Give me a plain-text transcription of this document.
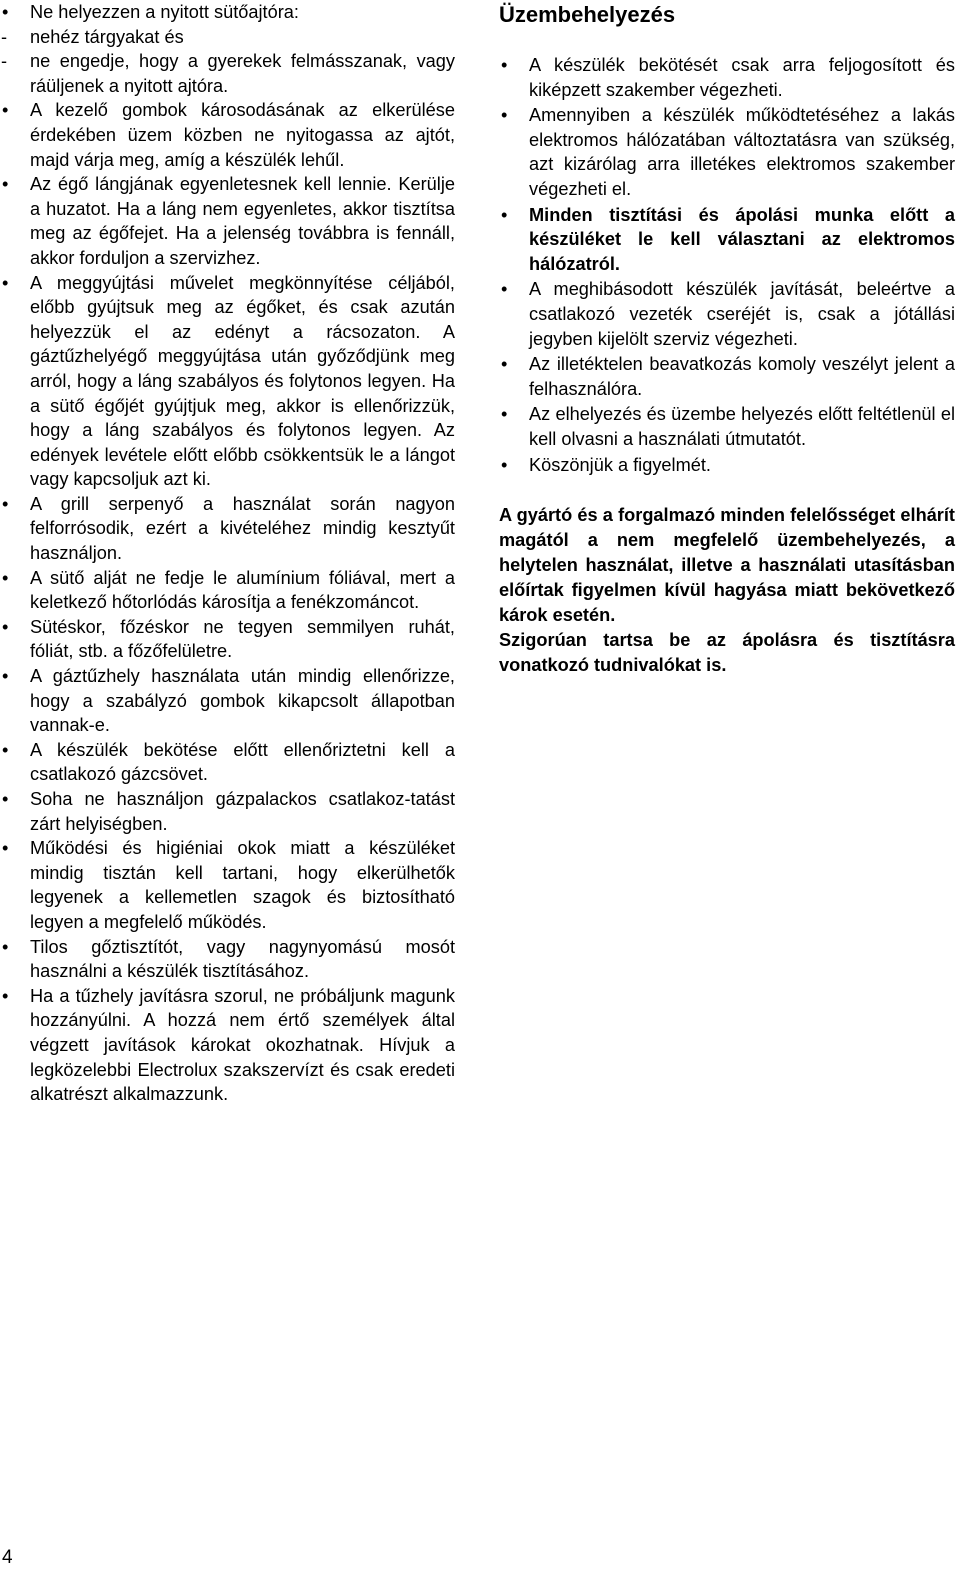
• Ne helyezzen a nyitott sütőajtóra:
- nehéz tárgyakat és
- ne engedje, hogy a gyerekek felmásszanak, vagy ráüljenek a nyitott ajtóra.
• A kezelő gombok károsodásának az elkerülése érdekében üzem közben ne nyitogassa az ajtót, majd várja meg, amíg a készülék lehűl.
• Az égő lángjának egyenletesnek kell lennie. Kerülje a huzatot. Ha a láng nem egyenletes, akkor tisztítsa meg az égőfejet. Ha a jelenség továbbra is fennáll, akkor forduljon a szervizhez.
• A meggyújtási művelet megkönnyítése céljából, előbb gyújtsuk meg az égőket, és csak azután helyezzük el az edényt a rácsozaton. A gáztűzhelyégő meggyújtása után győződjünk meg arról, hogy a láng szabályos és folytonos legyen. Ha a sütő égőjét gyújtjuk meg, akkor is ellenőrizzük, hogy a láng szabályos és folytonos legyen. Az edények levétele előtt előbb csökkentsük le a lángot vagy kapcsoljuk azt ki.
• A grill serpenyő a használat során nagyon felforrósodik, ezért a kivételéhez mindig kesztyűt használjon.
• A sütő alját ne fedje le alumínium fóliával, mert a keletkező hőtorlódás károsítja a fenékzománcot.
• Sütéskor, főzéskor ne tegyen semmilyen ruhát, fóliát, stb. a főzőfelületre.
• A gáztűzhely használata után mindig ellenőrizze, hogy a szabályzó gombok kikapcsolt állapotban vannak-e.
• A készülék bekötése előtt ellenőriztetni kell a csatlakozó gázcsövet.
• Soha ne használjon gázpalackos csatlakoz-tatást zárt helyiségben.
• Működési és higiéniai okok miatt a készüléket mindig tisztán kell tartani, hogy elkerülhetők legyenek a kellemetlen szagok és biztosítható legyen a megfelelő működés.
• Tilos gőztisztítót, vagy nagynyomású mosót használni a készülék tisztításához.
• Ha a tűzhely javításra szorul, ne próbáljunk magunk hozzányúlni. A hozzá nem értő személyek által végzett javítások károkat okozhatnak. Hívjuk a legközelebbi Electrolux szakszervízt és csak eredeti alkatrészt alkalmazzunk.
Üzembehelyezés
• A készülék bekötését csak arra feljogosított és kiképzett szakember végezheti.
• Amennyiben a készülék működtetéséhez a lakás elektromos hálózatában változtatásra van szükség, azt kizárólag arra illetékes elektromos szakember végezheti el.
• Minden tisztítási és ápolási munka előtt a készüléket le kell választani az elektromos hálózatról.
• A meghibásodott készülék javítását, beleértve a csatlakozó vezeték cseréjét is, csak a jótállási jegyben kijelölt szerviz végezheti.
• Az illetéktelen beavatkozás komoly veszélyt jelent a felhasználóra.
• Az elhelyezés és üzembe helyezés előtt feltétlenül el kell olvasni a használati útmutatót.
• Köszönjük a figyelmét.
A gyártó és a forgalmazó minden felelősséget elhárít magától a nem megfelelő üzembehelyezés, a helytelen használat, illetve a használati utasításban előírtak figyelmen kívül hagyása miatt bekövetkező károk esetén.
Szigorúan tartsa be az ápolásra és tisztításra vonatkozó tudnivalókat is.
4
